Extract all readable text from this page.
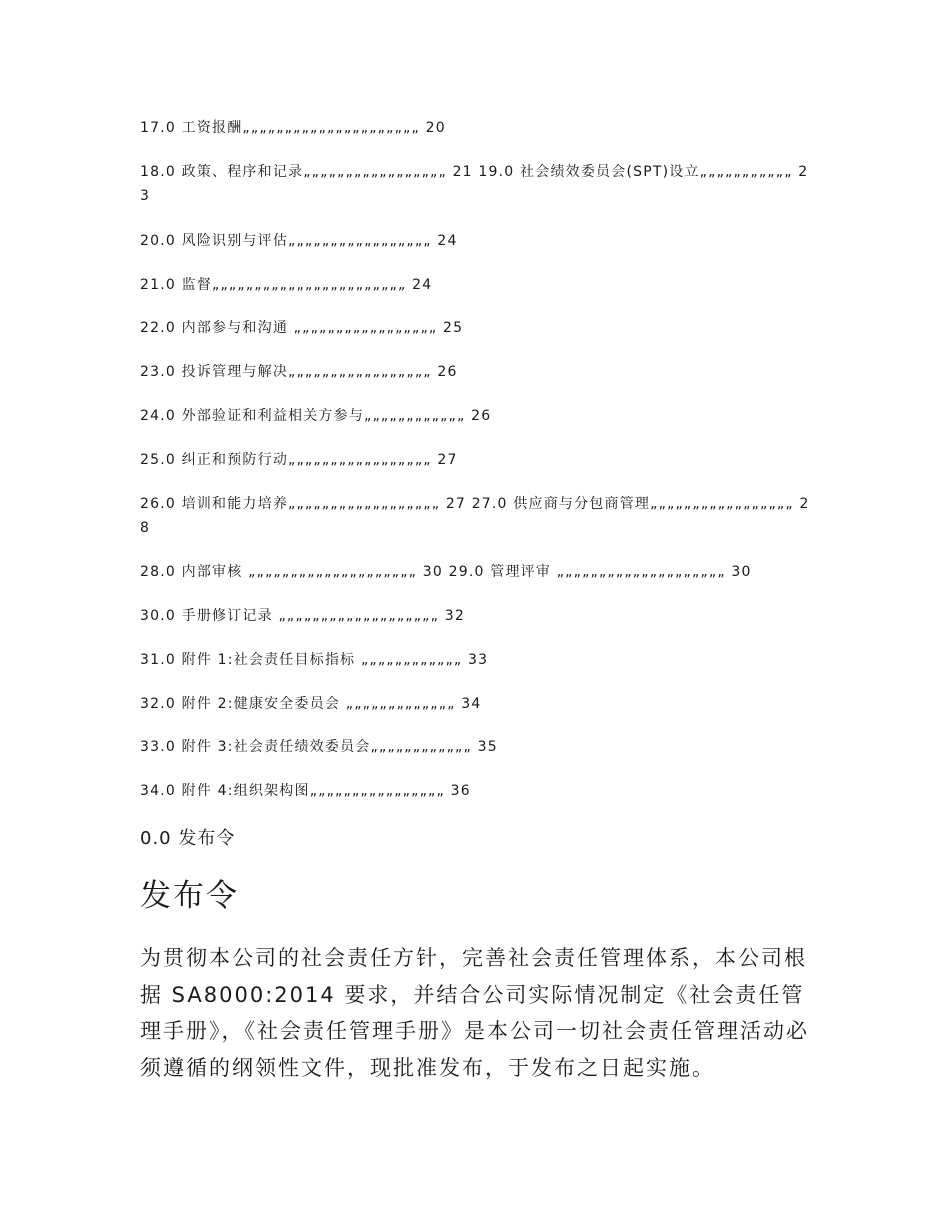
17.0 工资报酬„„„„„„„„„„„„„„„„„„„„„ 20
18.0 政策、程序和记录„„„„„„„„„„„„„„„„„ 21 19.0 社会绩效委员会(SPT)设立„„„„„„„„„„„ 23
20.0 风险识别与评估„„„„„„„„„„„„„„„„„ 24
21.0 监督„„„„„„„„„„„„„„„„„„„„„„„ 24
22.0 内部参与和沟通 „„„„„„„„„„„„„„„„„ 25
23.0 投诉管理与解决„„„„„„„„„„„„„„„„„ 26
24.0 外部验证和利益相关方参与„„„„„„„„„„„„ 26
25.0 纠正和预防行动„„„„„„„„„„„„„„„„„ 27
26.0 培训和能力培养„„„„„„„„„„„„„„„„„„ 27 27.0 供应商与分包商管理„„„„„„„„„„„„„„„„„ 28
28.0 内部审核 „„„„„„„„„„„„„„„„„„„„ 30 29.0 管理评审 „„„„„„„„„„„„„„„„„„„„ 30
30.0 手册修订记录 „„„„„„„„„„„„„„„„„„„ 32
31.0 附件 1:社会责任目标指标 „„„„„„„„„„„„ 33
32.0 附件 2:健康安全委员会 „„„„„„„„„„„„„ 34
33.0 附件 3:社会责任绩效委员会„„„„„„„„„„„„ 35
34.0 附件 4:组织架构图„„„„„„„„„„„„„„„„ 36
0.0 发布令
发布令

为贯彻本公司的社会责任方针，完善社会责任管理体系，本公司根据 SA8000:2014 要求，并结合公司实际情况制定《社会责任管理手册》，《社会责任管理手册》是本公司一切社会责任管理活动必须遵循的纲领性文件，现批准发布，于发布之日起实施。
